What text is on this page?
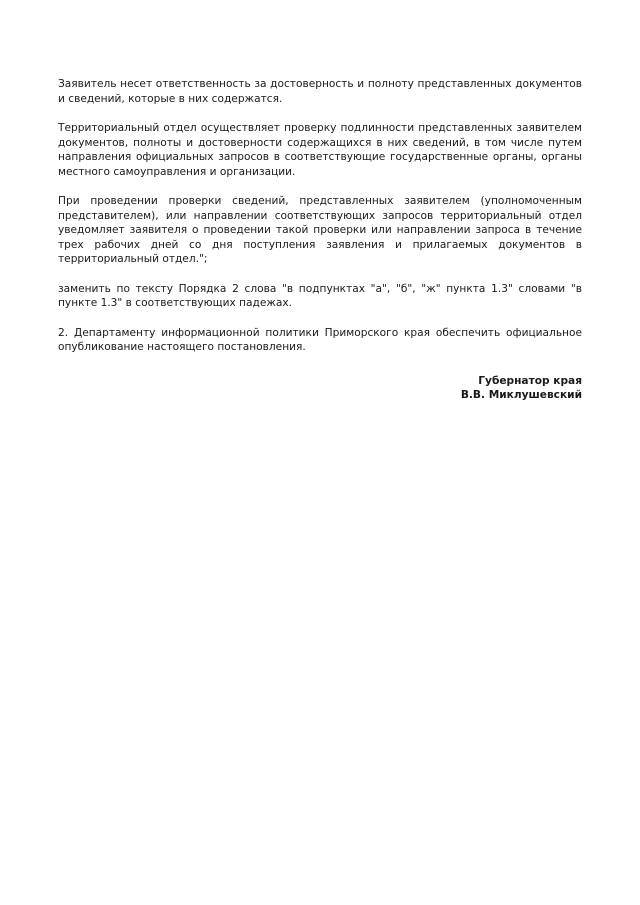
Заявитель несет ответственность за достоверность и полноту представленных документов и сведений, которые в них содержатся.

Территориальный отдел осуществляет проверку подлинности представленных заявителем документов, полноты и достоверности содержащихся в них сведений, в том числе путем направления официальных запросов в соответствующие государственные органы, органы местного самоуправления и организации.

При проведении проверки сведений, представленных заявителем (уполномоченным представителем), или направлении соответствующих запросов территориальный отдел уведомляет заявителя о проведении такой проверки или направлении запроса в течение трех рабочих дней со дня поступления заявления и прилагаемых документов в территориальный отдел.";

заменить по тексту Порядка 2 слова "в подпунктах "а", "б", "ж" пункта 1.3" словами "в пункте 1.3" в соответствующих падежах.

2. Департаменту информационной политики Приморского края обеспечить официальное опубликование настоящего постановления.

Губернатор края
В.В. Миклушевский
